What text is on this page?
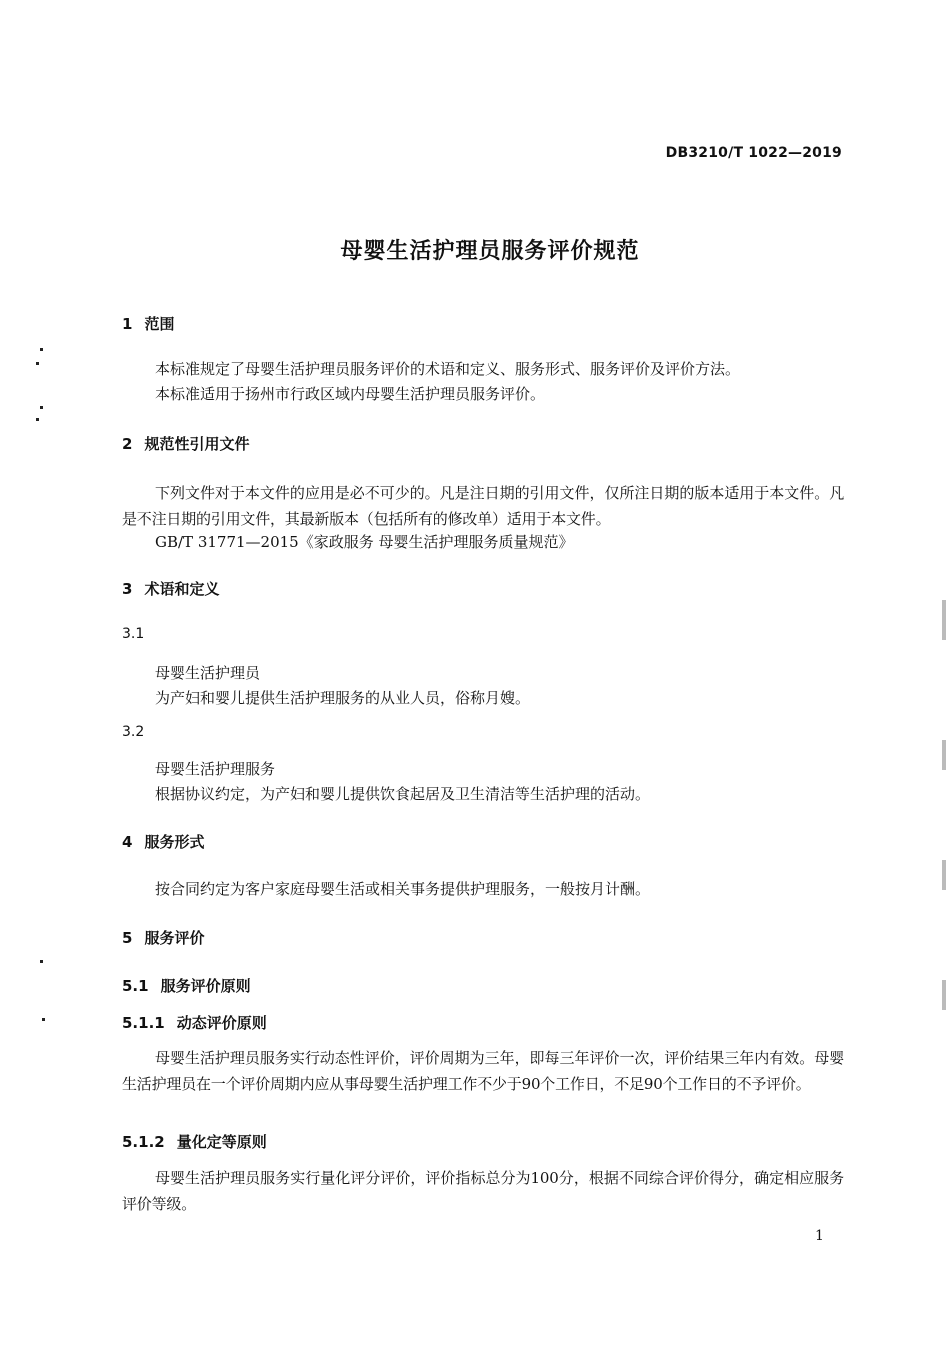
DB3210/T 1022—2019
母婴生活护理员服务评价规范
1 范围
本标准规定了母婴生活护理员服务评价的术语和定义、服务形式、服务评价及评价方法。
本标准适用于扬州市行政区域内母婴生活护理员服务评价。
2 规范性引用文件
下列文件对于本文件的应用是必不可少的。凡是注日期的引用文件，仅所注日期的版本适用于本文件。凡是不注日期的引用文件，其最新版本（包括所有的修改单）适用于本文件。
GB/T 31771—2015《家政服务 母婴生活护理服务质量规范》
3 术语和定义
3.1
母婴生活护理员
为产妇和婴儿提供生活护理服务的从业人员，俗称月嫂。
3.2
母婴生活护理服务
根据协议约定，为产妇和婴儿提供饮食起居及卫生清洁等生活护理的活动。
4 服务形式
按合同约定为客户家庭母婴生活或相关事务提供护理服务，一般按月计酬。
5 服务评价
5.1 服务评价原则
5.1.1 动态评价原则
母婴生活护理员服务实行动态性评价，评价周期为三年，即每三年评价一次，评价结果三年内有效。母婴生活护理员在一个评价周期内应从事母婴生活护理工作不少于90个工作日，不足90个工作日的不予评价。
5.1.2 量化定等原则
母婴生活护理员服务实行量化评分评价，评价指标总分为100分，根据不同综合评价得分，确定相应服务评价等级。
1
